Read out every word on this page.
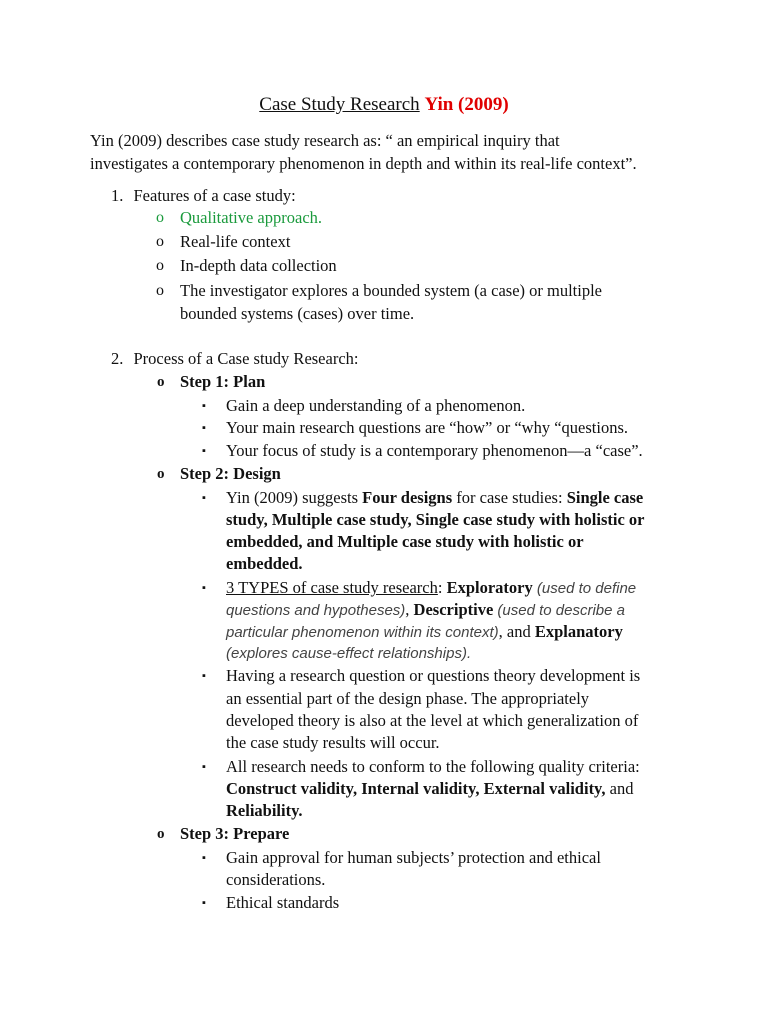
Case Study Research Yin (2009)
Yin (2009) describes case study research as: “ an empirical inquiry that
investigates a contemporary phenomenon in depth and within its real-life context”.
1. Features of a case study:
o Qualitative approach.
o Real-life context
o In-depth data collection
o The investigator explores a bounded system (a case) or multiple
bounded systems (cases) over time.
2. Process of a Case study Research:
o Step 1: Plan
▪ Gain a deep understanding of a phenomenon.
▪ Your main research questions are “how” or “why “questions.
▪ Your focus of study is a contemporary phenomenon—a “case”.
o Step 2: Design
▪ Yin (2009) suggests Four designs for case studies: Single case
study, Multiple case study, Single case study with holistic or
embedded, and Multiple case study with holistic or
embedded.
▪ 3 TYPES of case study research: Exploratory (used to define
questions and hypotheses), Descriptive (used to describe a
particular phenomenon within its context), and Explanatory
(explores cause-effect relationships).
▪ Having a research question or questions theory development is
an essential part of the design phase. The appropriately
developed theory is also at the level at which generalization of
the case study results will occur.
▪ All research needs to conform to the following quality criteria:
Construct validity, Internal validity, External validity, and
Reliability.
o Step 3: Prepare
▪ Gain approval for human subjects’ protection and ethical
considerations.
▪ Ethical standards
